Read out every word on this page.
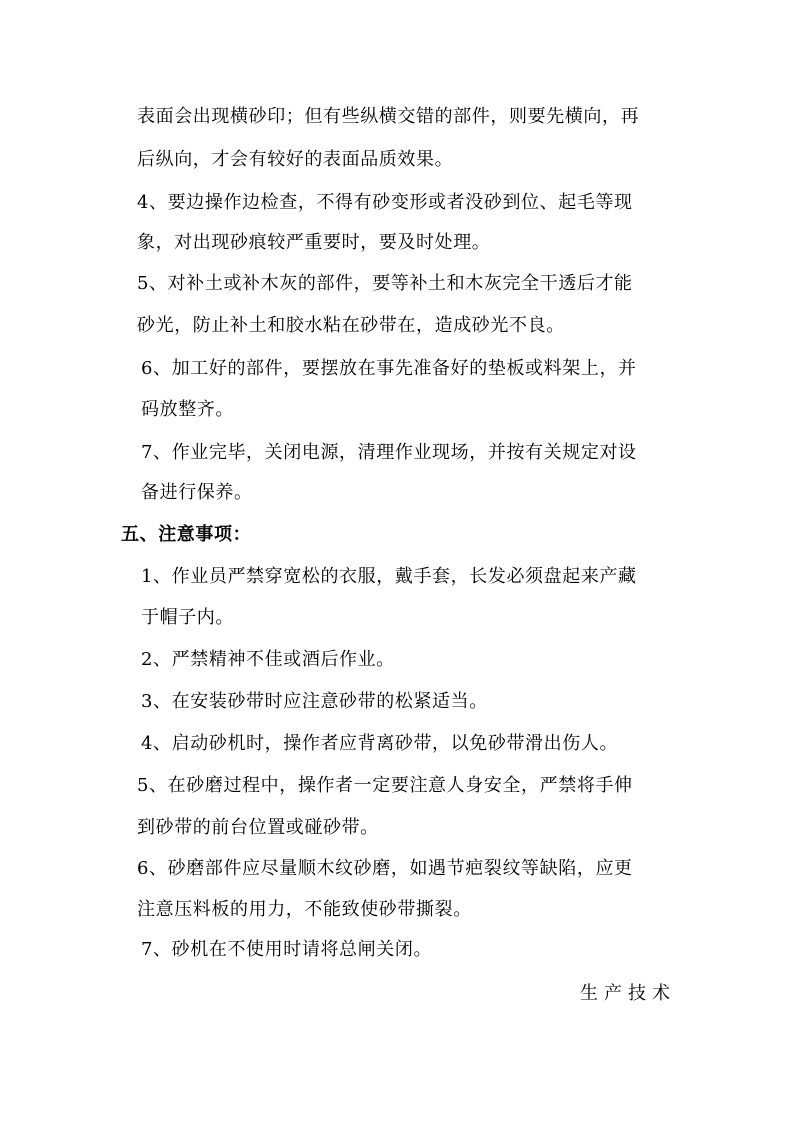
表面会出现横砂印；但有些纵横交错的部件，则要先横向，再
后纵向，才会有较好的表面品质效果。
4、要边操作边检查，不得有砂变形或者没砂到位、起毛等现
象，对出现砂痕较严重要时，要及时处理。
5、对补土或补木灰的部件，要等补土和木灰完全干透后才能
砂光，防止补土和胶水粘在砂带在，造成砂光不良。
6、加工好的部件，要摆放在事先准备好的垫板或料架上，并
码放整齐。
7、作业完毕，关闭电源，清理作业现场，并按有关规定对设
备进行保养。
五、注意事项：
1、作业员严禁穿宽松的衣服，戴手套，长发必须盘起来产藏
于帽子内。
2、严禁精神不佳或酒后作业。
3、在安装砂带时应注意砂带的松紧适当。
4、启动砂机时，操作者应背离砂带，以免砂带滑出伤人。
5、在砂磨过程中，操作者一定要注意人身安全，严禁将手伸
到砂带的前台位置或碰砂带。
6、砂磨部件应尽量顺木纹砂磨，如遇节疤裂纹等缺陷，应更
注意压料板的用力，不能致使砂带撕裂。
7、砂机在不使用时请将总闸关闭。
生产技术
